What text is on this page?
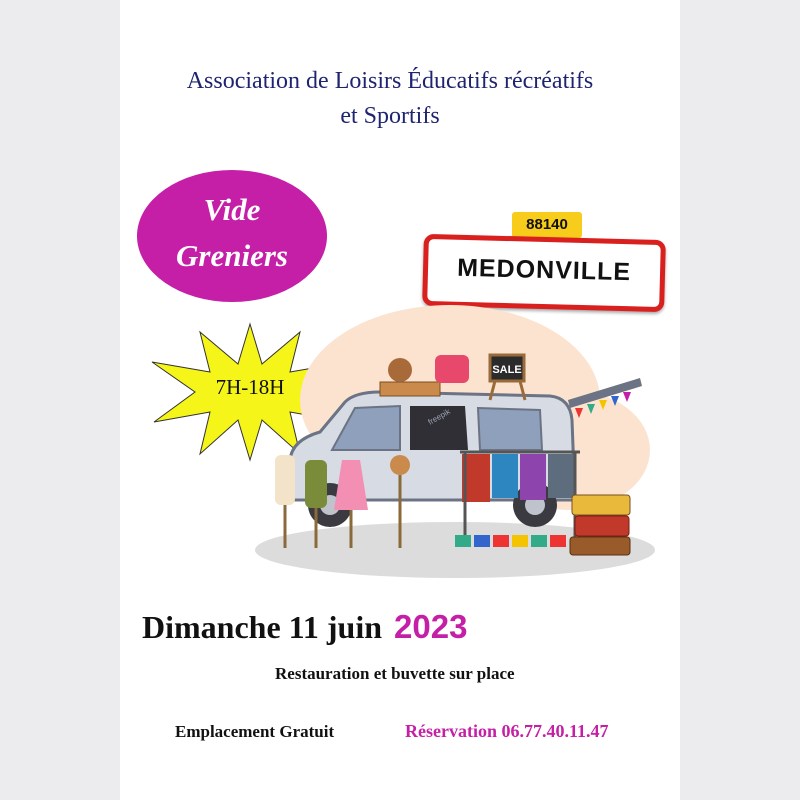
Association de Loisirs Éducatifs récréatifs
et Sportifs
Vide
Greniers
88140
MEDONVILLE
7H-18H
SALE
freepik
Dimanche 11 juin 2023
Restauration et buvette sur place
Emplacement Gratuit	Réservation 06.77.40.11.47
